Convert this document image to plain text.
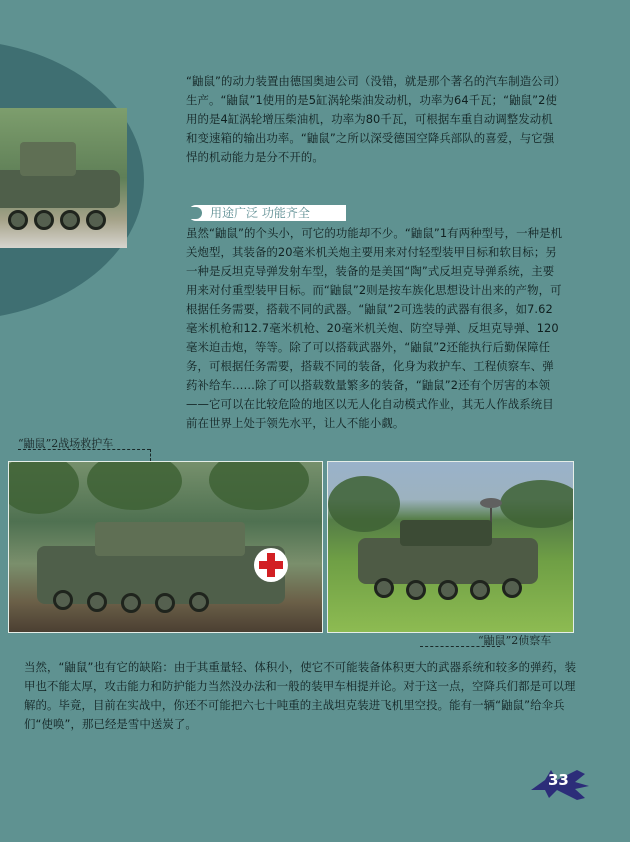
“鼬鼠”的动力装置由德国奥迪公司（没错，就是那个著名的汽车制造公司）生产。“鼬鼠”1使用的是5缸涡轮柴油发动机，功率为64千瓦；“鼬鼠”2使用的是4缸涡轮增压柴油机，功率为80千瓦，可根据车重自动调整发动机和变速箱的输出功率。“鼬鼠”之所以深受德国空降兵部队的喜爱，与它强悍的机动能力是分不开的。
用途广泛 功能齐全
虽然“鼬鼠”的个头小，可它的功能却不少。“鼬鼠”1有两种型号，一种是机关炮型，其装备的20毫米机关炮主要用来对付轻型装甲目标和软目标；另一种是反坦克导弹发射车型，装备的是美国“陶”式反坦克导弹系统，主要用来对付重型装甲目标。而“鼬鼠”2则是按车族化思想设计出来的产物，可根据任务需要，搭载不同的武器。“鼬鼠”2可选装的武器有很多，如7.62毫米机枪和12.7毫米机枪、20毫米机关炮、防空导弹、反坦克导弹、120毫米迫击炮，等等。除了可以搭载武器外，“鼬鼠”2还能执行后勤保障任务，可根据任务需要，搭载不同的装备，化身为救护车、工程侦察车、弹药补给车……除了可以搭载数量繁多的装备，“鼬鼠”2还有个厉害的本领——它可以在比较危险的地区以无人化自动模式作业，其无人作战系统目前在世界上处于领先水平，让人不能小觑。
“鼬鼠”2战场救护车
“鼬鼠”2侦察车
当然，“鼬鼠”也有它的缺陷：由于其重量轻、体积小，使它不可能装备体积更大的武器系统和较多的弹药，装甲也不能太厚，攻击能力和防护能力当然没办法和一般的装甲车相提并论。对于这一点，空降兵们都是可以理解的。毕竟，目前在实战中，你还不可能把六七十吨重的主战坦克装进飞机里空投。能有一辆“鼬鼠”给伞兵们“使唤”，那已经是雪中送炭了。
33
